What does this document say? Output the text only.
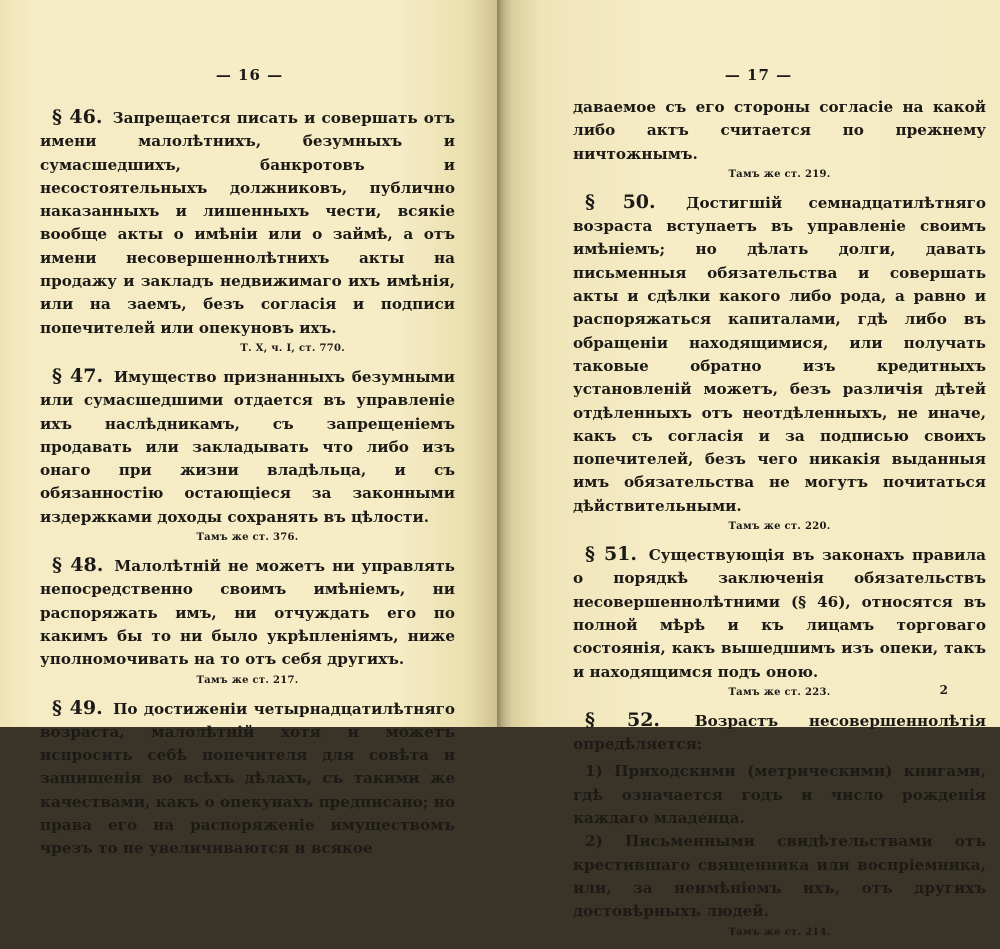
— 16 —

§ 46. Запрещается писать и совершать отъ имени малолѣтнихъ, безумныхъ и сумасшедшихъ, банкротовъ и несостоятельныхъ должниковъ, публично наказанныхъ и лишенныхъ чести, всякіе вообще акты о имѣніи или о займѣ, а отъ имени несовершеннолѣтнихъ акты на продажу и закладъ недвижимаго ихъ имѣнія, или на заемъ, безъ согласія и подписи попечителей или опекуновъ ихъ.

Т. X, ч. I, ст. 770.

§ 47. Имущество признанныхъ безумными или сумасшедшими отдается въ управленіе ихъ наслѣдникамъ, съ запрещеніемъ продавать или закладывать что либо изъ онаго при жизни владѣльца, и съ обязанностію остающіеся за законными издержками доходы сохранять въ цѣлости.

Тамъ же ст. 376.

§ 48. Малолѣтній не можетъ ни управлять непосредственно своимъ имѣніемъ, ни распоряжать имъ, ни отчуждать его по какимъ бы то ни было укрѣпленіямъ, ниже уполномочивать на то отъ себя другихъ.

Тамъ же ст. 217.

§ 49. По достиженіи четырнадцатилѣтняго возраста, малолѣтній хотя и можетъ испросить себѣ попечителя для совѣта и защищенія во всѣхъ дѣлахъ, съ такими же качествами, какъ о опекунахъ предписано; но права его на распоряженіе имуществомъ чрезъ то не увеличиваются и всякое

— 17 —

даваемое съ его стороны согласіе на какой либо актъ считается по прежнему ничтожнымъ.

Тамъ же ст. 219.

§ 50. Достигшій семнадцатилѣтняго возраста вступаетъ въ управленіе своимъ имѣніемъ; но дѣлать долги, давать письменныя обязательства и совершать акты и сдѣлки какого либо рода, а равно и распоряжаться капиталами, гдѣ либо въ обращеніи находящимися, или получать таковые обратно изъ кредитныхъ установленій можетъ, безъ различія дѣтей отдѣленныхъ отъ неотдѣленныхъ, не иначе, какъ съ согласія и за подписью своихъ попечителей, безъ чего никакія выданныя имъ обязательства не могутъ почитаться дѣйствительными.

Тамъ же ст. 220.

§ 51. Существующія въ законахъ правила о порядкѣ заключенія обязательствъ несовершеннолѣтними (§ 46), относятся въ полной мѣрѣ и къ лицамъ торговаго состоянія, какъ вышедшимъ изъ опеки, такъ и находящимся подъ оною.

Тамъ же ст. 223.

§ 52. Возрастъ несовершеннолѣтія опредѣляется:

1) Приходскими (метрическими) книгами, гдѣ означается годъ и число рожденія каждаго младенца.

2) Письменными свидѣтельствами отъ крестившаго священника или воспріемника, или, за неимѣніемъ ихъ, отъ другихъ достовѣрныхъ людей.

Тамъ же ст. 214.
2
